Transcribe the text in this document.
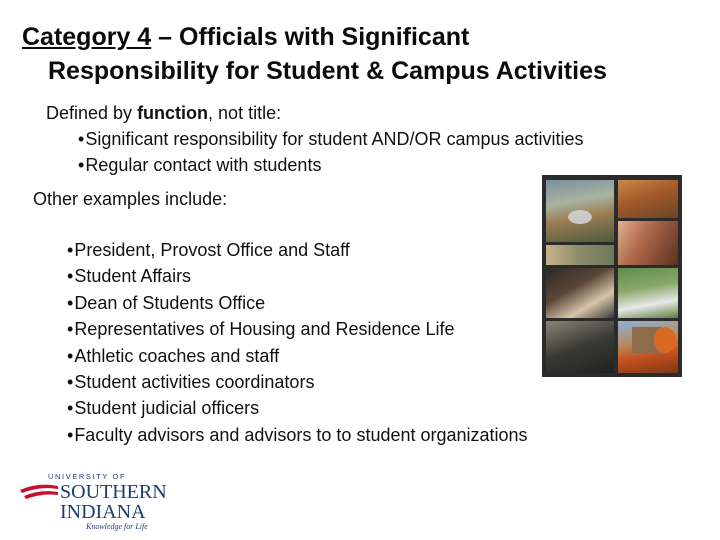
Category 4 – Officials with Significant
Responsibility for Student & Campus Activities
Defined by function, not title:
•Significant responsibility for student AND/OR campus activities
•Regular contact with students
Other examples include:
•President, Provost Office and Staff
•Student Affairs
•Dean of Students Office
•Representatives of Housing and Residence Life
•Athletic coaches and staff
•Student activities coordinators
•Student judicial officers
•Faculty advisors and advisors to to student organizations
UNIVERSITY OF
SOUTHERN
INDIANA
Knowledge for Life
